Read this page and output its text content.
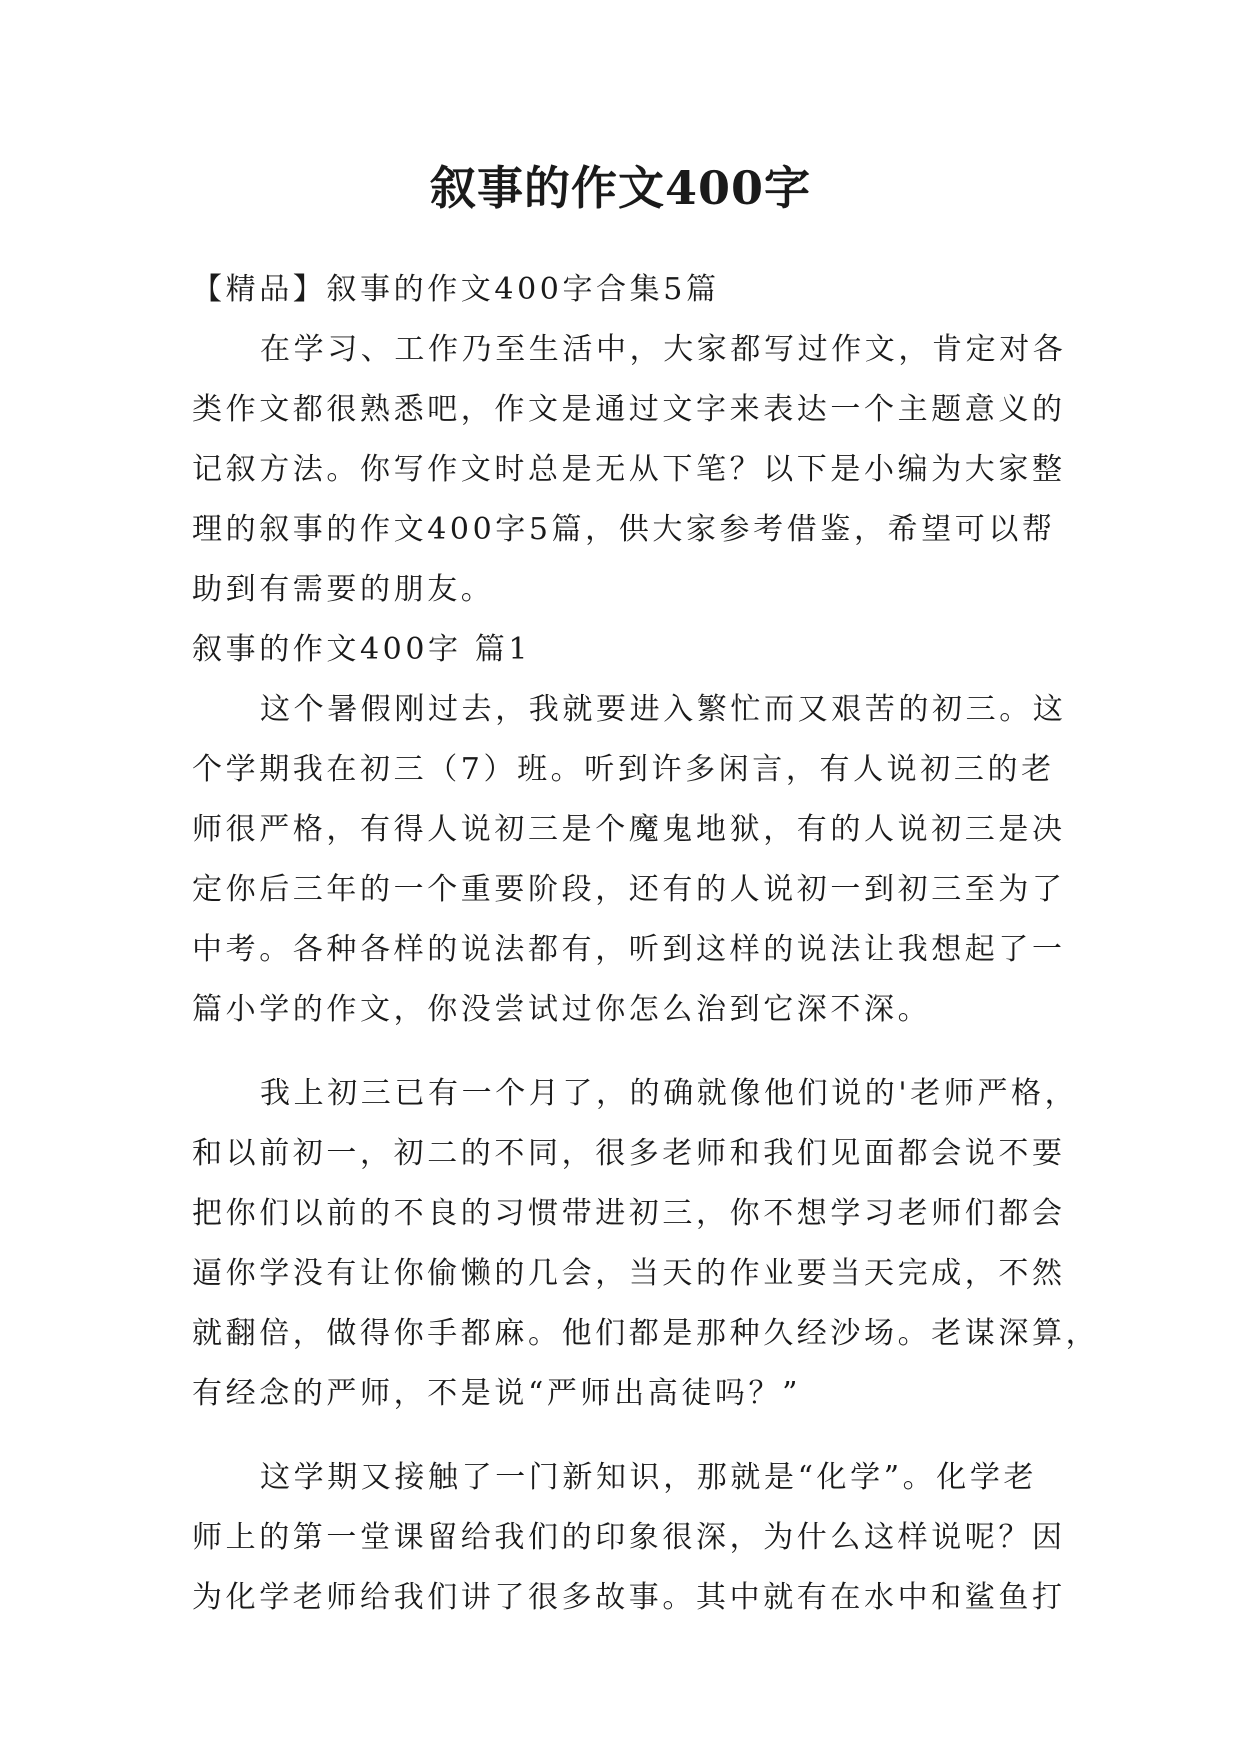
叙事的作文400字
【精品】叙事的作文400字合集5篇
在学习、工作乃至生活中，大家都写过作文，肯定对各
类作文都很熟悉吧，作文是通过文字来表达一个主题意义的
记叙方法。你写作文时总是无从下笔？以下是小编为大家整
理的叙事的作文400字5篇，供大家参考借鉴，希望可以帮
助到有需要的朋友。
叙事的作文400字 篇1
这个暑假刚过去，我就要进入繁忙而又艰苦的初三。这
个学期我在初三（7）班。听到许多闲言，有人说初三的老
师很严格，有得人说初三是个魔鬼地狱，有的人说初三是决
定你后三年的一个重要阶段，还有的人说初一到初三至为了
中考。各种各样的说法都有，听到这样的说法让我想起了一
篇小学的作文，你没尝试过你怎么治到它深不深。
我上初三已有一个月了，的确就像他们说的'老师严格，
和以前初一，初二的不同，很多老师和我们见面都会说不要
把你们以前的不良的习惯带进初三，你不想学习老师们都会
逼你学没有让你偷懒的几会，当天的作业要当天完成，不然
就翻倍，做得你手都麻。他们都是那种久经沙场。老谋深算，
有经念的严师，不是说“严师出高徒吗？”
这学期又接触了一门新知识，那就是“化学”。化学老
师上的第一堂课留给我们的印象很深，为什么这样说呢？因
为化学老师给我们讲了很多故事。其中就有在水中和鲨鱼打
